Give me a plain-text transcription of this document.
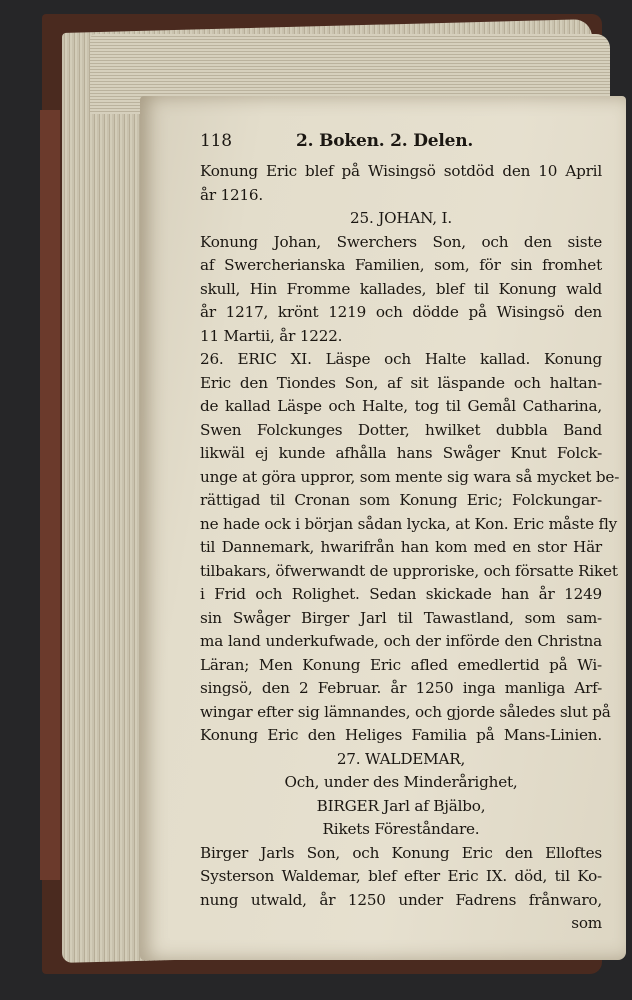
118	2. Boken. 2. Delen.
Konung Eric blef på Wisingsö sotdöd den 10 April
år 1216.
25. JOHAN, I.
Konung Johan, Swerchers Son, och den siste
af Swercherianska Familien, som, för sin fromhet
skull, Hin Fromme kallades, blef til Konung wald
år 1217, krönt 1219 och dödde på Wisingsö den
11 Martii, år 1222.
26. ERIC XI. Läspe och Halte kallad. Konung
Eric den Tiondes Son, af sit läspande och haltan-
de kallad Läspe och Halte, tog til Gemål Catharina,
Swen Folckunges Dotter, hwilket dubbla Band
likwäl ej kunde afhålla hans Swåger Knut Folck-
unge at göra uppror, som mente sig wara så mycket be-
rättigad til Cronan som Konung Eric; Folckungar-
ne hade ock i början sådan lycka, at Kon. Eric måste fly
til Dannemark, hwarifrån han kom med en stor Här
tilbakars, öfwerwandt de upproriske, och försatte Riket
i Frid och Rolighet. Sedan skickade han år 1249
sin Swåger Birger Jarl til Tawastland, som sam-
ma land underkufwade, och der införde den Christna
Läran; Men Konung Eric afled emedlertid på Wi-
singsö, den 2 Februar. år 1250 inga manliga Arf-
wingar efter sig lämnandes, och gjorde således slut på
Konung Eric den Heliges Familia på Mans-Linien.
27. WALDEMAR,
Och, under des Minderårighet,
BIRGER Jarl af Bjälbo,
Rikets Föreståndare.
Birger Jarls Son, och Konung Eric den Elloftes
Systerson Waldemar, blef efter Eric IX. död, til Ko-
nung utwald, år 1250 under Fadrens frånwaro,
som
